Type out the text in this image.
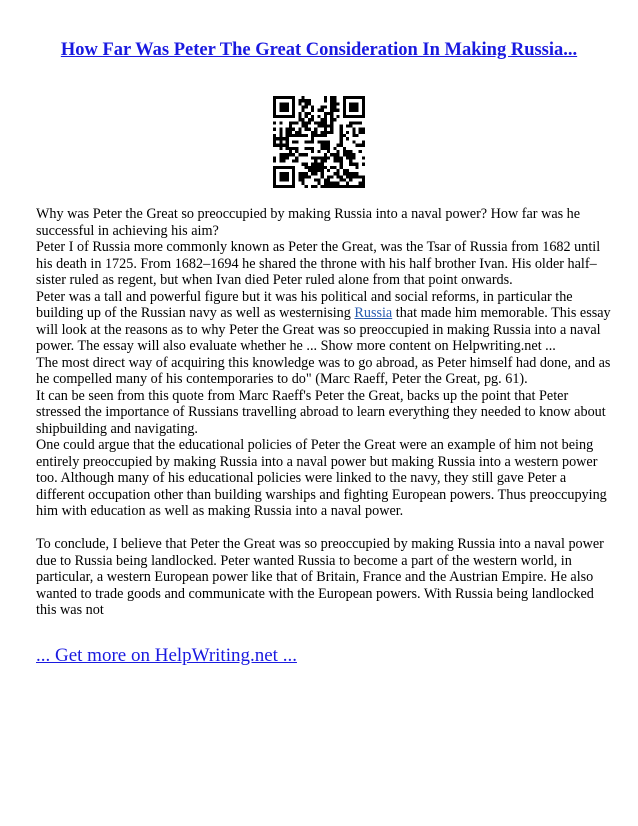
How Far Was Peter The Great Consideration In Making Russia...

Why was Peter the Great so preoccupied by making Russia into a naval power? How far was he successful in achieving his aim?

Peter I of Russia more commonly known as Peter the Great, was the Tsar of Russia from 1682 until his death in 1725. From 1682–1694 he shared the throne with his half brother Ivan. His older half–sister ruled as regent, but when Ivan died Peter ruled alone from that point onwards.

Peter was a tall and powerful figure but it was his political and social reforms, in particular the building up of the Russian navy as well as westernising Russia that made him memorable. This essay will look at the reasons as to why Peter the Great was so preoccupied in making Russia into a naval power. The essay will also evaluate whether he ... Show more content on Helpwriting.net ...

The most direct way of acquiring this knowledge was to go abroad, as Peter himself had done, and as he compelled many of his contemporaries to do" (Marc Raeff, Peter the Great, pg. 61).

It can be seen from this quote from Marc Raeff's Peter the Great, backs up the point that Peter stressed the importance of Russians travelling abroad to learn everything they needed to know about shipbuilding and navigating.

One could argue that the educational policies of Peter the Great were an example of him not being entirely preoccupied by making Russia into a naval power but making Russia into a western power too. Although many of his educational policies were linked to the navy, they still gave Peter a different occupation other than building warships and fighting European powers. Thus preoccupying him with education as well as making Russia into a naval power.

To conclude, I believe that Peter the Great was so preoccupied by making Russia into a naval power due to Russia being landlocked. Peter wanted Russia to become a part of the western world, in particular, a western European power like that of Britain, France and the Austrian Empire. He also wanted to trade goods and communicate with the European powers. With Russia being landlocked this was not

... Get more on HelpWriting.net ...
